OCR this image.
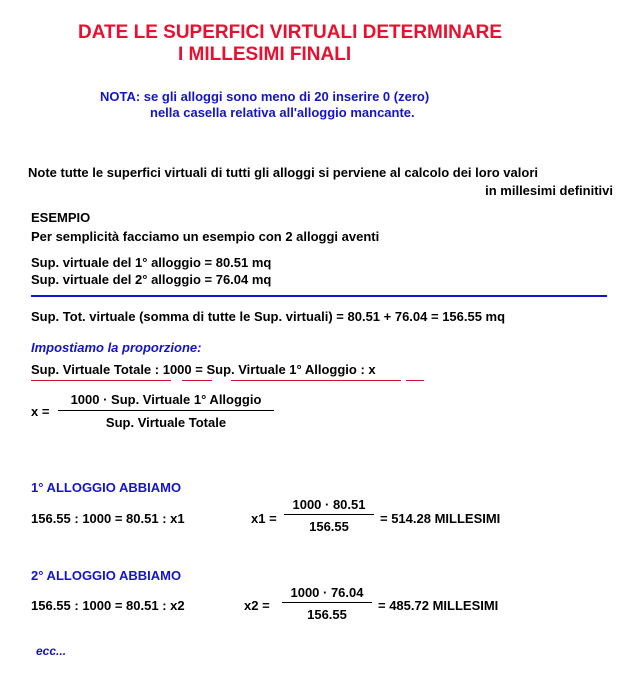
DATE LE SUPERFICI VIRTUALI DETERMINARE
I MILLESIMI FINALI
NOTA: se gli alloggi sono meno di 20 inserire 0 (zero)
nella casella relativa all'alloggio mancante.
Note tutte le superfici virtuali di tutti gli alloggi si perviene al calcolo dei loro valori
in millesimi definitivi
ESEMPIO
Per semplicità facciamo un esempio con 2 alloggi aventi
Sup. virtuale del 1° alloggio = 80.51 mq
Sup. virtuale del 2° alloggio = 76.04 mq
Sup. Tot. virtuale (somma di tutte le Sup. virtuali) = 80.51 + 76.04 = 156.55 mq
Impostiamo la proporzione:
Sup. Virtuale Totale : 1000 = Sup. Virtuale 1° Alloggio : x
x =
1000 · Sup. Virtuale 1° Alloggio
Sup. Virtuale Totale
1° ALLOGGIO ABBIAMO
156.55 : 1000 = 80.51 : x1	x1 =
1000 · 80.51
156.55
= 514.28 MILLESIMI
2° ALLOGGIO ABBIAMO
156.55 : 1000 = 80.51 : x2	x2 =
1000 · 76.04
156.55
= 485.72 MILLESIMI
ecc...
